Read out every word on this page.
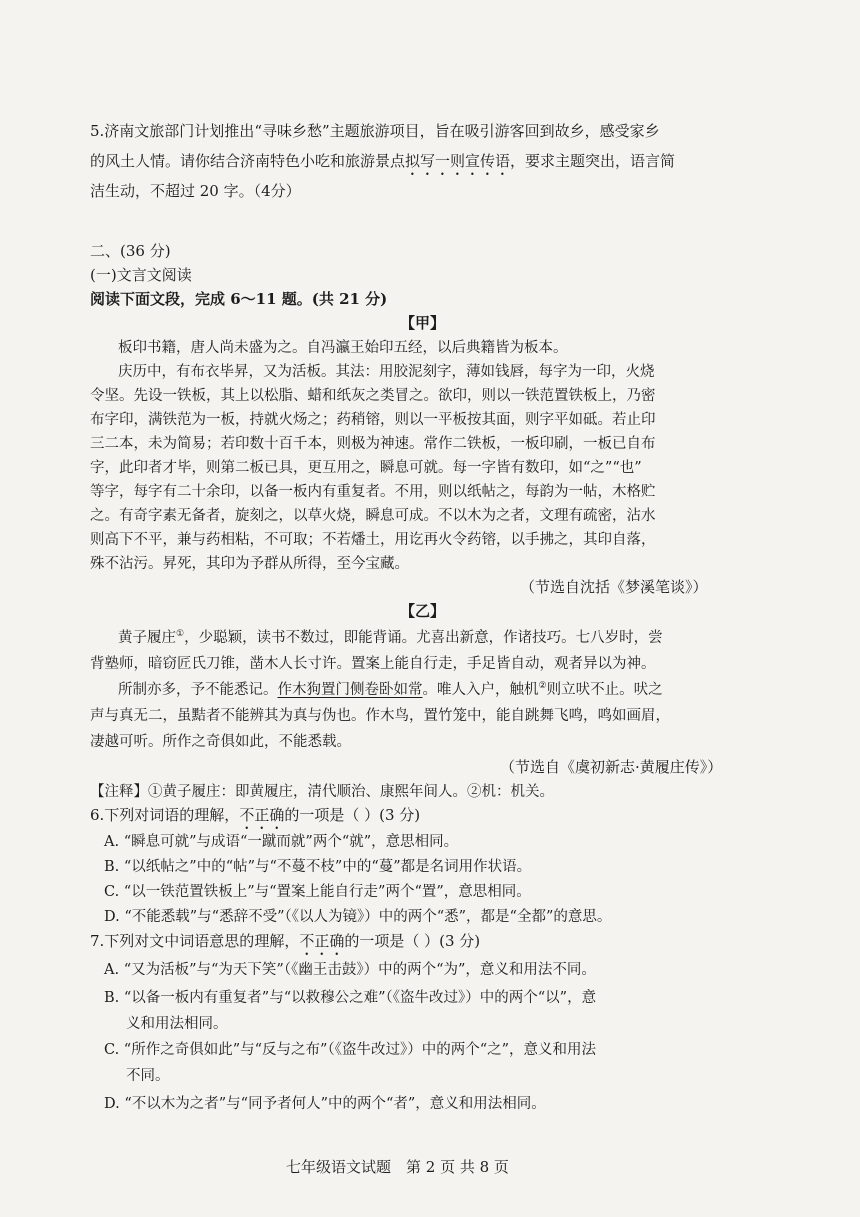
5.济南文旅部门计划推出“寻味乡愁”主题旅游项目，旨在吸引游客回到故乡，感受家乡
的风土人情。请你结合济南特色小吃和旅游景点拟写一则宣传语，要求主题突出，语言简
洁生动，不超过 20 字。（4分）
二、(36 分)
(一)文言文阅读
阅读下面文段，完成 6～11 题。(共 21 分)
【甲】
板印书籍，唐人尚未盛为之。自冯瀛王始印五经，以后典籍皆为板本。
庆历中，有布衣毕昇，又为活板。其法：用胶泥刻字，薄如钱唇，每字为一印，火烧
令坚。先设一铁板，其上以松脂、蜡和纸灰之类冒之。欲印，则以一铁范置铁板上，乃密
布字印，满铁范为一板，持就火炀之；药稍镕，则以一平板按其面，则字平如砥。若止印
三二本，未为简易；若印数十百千本，则极为神速。常作二铁板，一板印刷，一板已自布
字，此印者才毕，则第二板已具，更互用之，瞬息可就。每一字皆有数印，如“之”“也”
等字，每字有二十余印，以备一板内有重复者。不用，则以纸帖之，每韵为一帖，木格贮
之。有奇字素无备者，旋刻之，以草火烧，瞬息可成。不以木为之者，文理有疏密，沾水
则高下不平，兼与药相粘，不可取；不若燔土，用讫再火令药镕，以手拂之，其印自落，
殊不沾污。昇死，其印为予群从所得，至今宝藏。
（节选自沈括《梦溪笔谈》）
【乙】
黄子履庄①，少聪颖，读书不数过，即能背诵。尤喜出新意，作诸技巧。七八岁时，尝
背塾师，暗窃匠氏刀锥，凿木人长寸许。置案上能自行走，手足皆自动，观者异以为神。
所制亦多，予不能悉记。作木狗置门侧卷卧如常。唯人入户，触机②则立吠不止。吠之
声与真无二，虽黠者不能辨其为真与伪也。作木鸟，置竹笼中，能自跳舞飞鸣，鸣如画眉，
凄越可听。所作之奇俱如此，不能悉载。
（节选自《虞初新志·黄履庄传》）
【注释】①黄子履庄：即黄履庄，清代顺治、康熙年间人。②机：机关。
6.下列对词语的理解，不正确的一项是（ ）(3 分)
A. “瞬息可就”与成语“一蹴而就”两个“就”，意思相同。
B. “以纸帖之”中的“帖”与“不蔓不枝”中的“蔓”都是名词用作状语。
C. “以一铁范置铁板上”与“置案上能自行走”两个“置”，意思相同。
D. “不能悉载”与“悉辞不受”（《以人为镜》）中的两个“悉”，都是“全都”的意思。
7.下列对文中词语意思的理解，不正确的一项是（ ）(3 分)
A. “又为活板”与“为天下笑”（《幽王击鼓》）中的两个“为”，意义和用法不同。
B. “以备一板内有重复者”与“以救穆公之难”（《盗牛改过》）中的两个“以”，意
义和用法相同。
C. “所作之奇俱如此”与“反与之布”（《盗牛改过》）中的两个“之”，意义和用法
不同。
D. “不以木为之者”与“同予者何人”中的两个“者”，意义和用法相同。
七年级语文试题　第 2 页 共 8 页
